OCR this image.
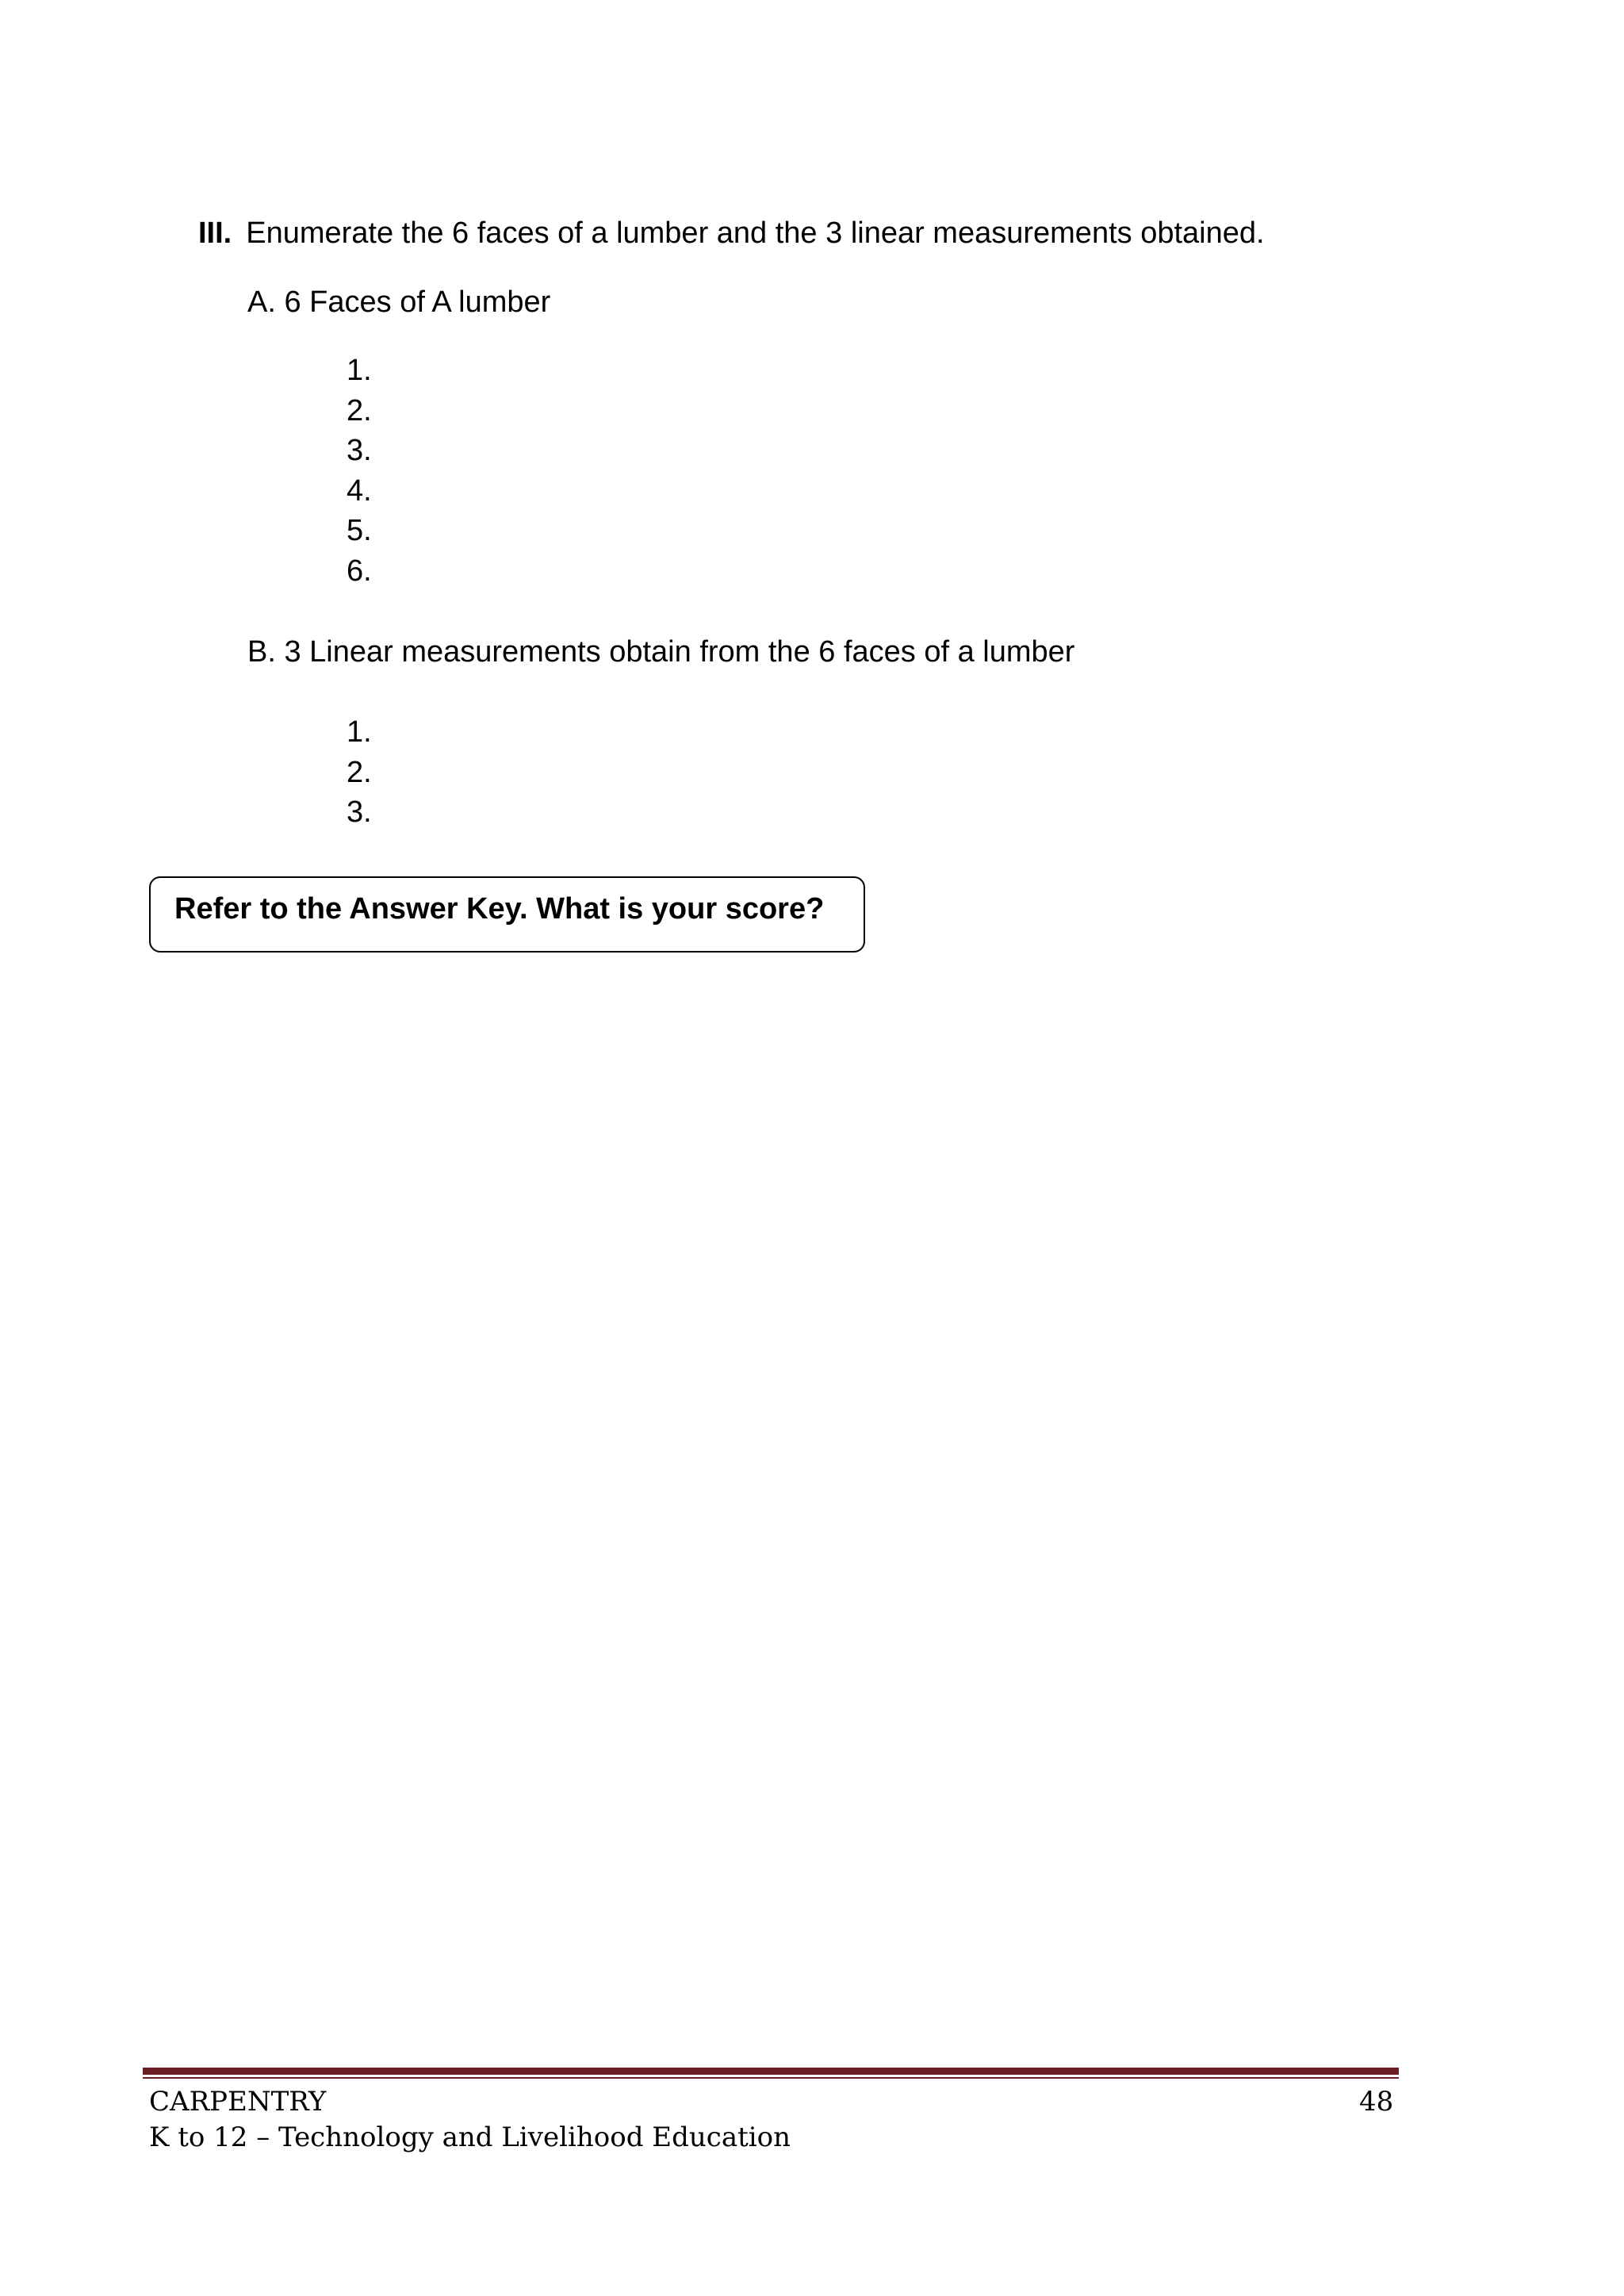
III. Enumerate the 6 faces of a lumber and the 3 linear measurements obtained.
A. 6 Faces of A lumber
1.
2.
3.
4.
5.
6.
B. 3 Linear measurements obtain from the 6 faces of a lumber
1.
2.
3.
Refer to the Answer Key. What is your score?
CARPENTRY
K to 12 – Technology and Livelihood Education
48
